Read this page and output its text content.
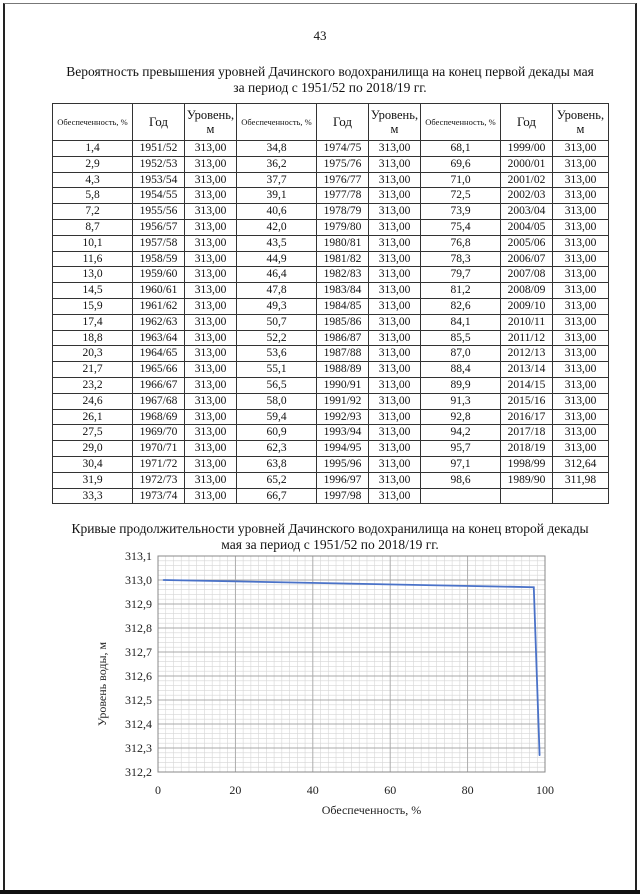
43
Вероятность превышения уровней Дачинского водохранилища на конец первой декады мая
за период с 1951/52 по 2018/19 гг.
Обеспеченность, %	Год	Уровень, м	Обеспеченность, %	Год	Уровень, м	Обеспеченность, %	Год	Уровень, м
1,4	1951/52	313,00	34,8	1974/75	313,00	68,1	1999/00	313,00
2,9	1952/53	313,00	36,2	1975/76	313,00	69,6	2000/01	313,00
4,3	1953/54	313,00	37,7	1976/77	313,00	71,0	2001/02	313,00
5,8	1954/55	313,00	39,1	1977/78	313,00	72,5	2002/03	313,00
7,2	1955/56	313,00	40,6	1978/79	313,00	73,9	2003/04	313,00
8,7	1956/57	313,00	42,0	1979/80	313,00	75,4	2004/05	313,00
10,1	1957/58	313,00	43,5	1980/81	313,00	76,8	2005/06	313,00
11,6	1958/59	313,00	44,9	1981/82	313,00	78,3	2006/07	313,00
13,0	1959/60	313,00	46,4	1982/83	313,00	79,7	2007/08	313,00
14,5	1960/61	313,00	47,8	1983/84	313,00	81,2	2008/09	313,00
15,9	1961/62	313,00	49,3	1984/85	313,00	82,6	2009/10	313,00
17,4	1962/63	313,00	50,7	1985/86	313,00	84,1	2010/11	313,00
18,8	1963/64	313,00	52,2	1986/87	313,00	85,5	2011/12	313,00
20,3	1964/65	313,00	53,6	1987/88	313,00	87,0	2012/13	313,00
21,7	1965/66	313,00	55,1	1988/89	313,00	88,4	2013/14	313,00
23,2	1966/67	313,00	56,5	1990/91	313,00	89,9	2014/15	313,00
24,6	1967/68	313,00	58,0	1991/92	313,00	91,3	2015/16	313,00
26,1	1968/69	313,00	59,4	1992/93	313,00	92,8	2016/17	313,00
27,5	1969/70	313,00	60,9	1993/94	313,00	94,2	2017/18	313,00
29,0	1970/71	313,00	62,3	1994/95	313,00	95,7	2018/19	313,00
30,4	1971/72	313,00	63,8	1995/96	313,00	97,1	1998/99	312,64
31,9	1972/73	313,00	65,2	1996/97	313,00	98,6	1989/90	311,98
33,3	1973/74	313,00	66,7	1997/98	313,00			
Кривые продолжительности уровней Дачинского водохранилища на конец второй декады
мая за период с 1951/52 по 2018/19 гг.
313,1
313,0
312,9
312,8
312,7
312,6
312,5
312,4
312,3
312,2
0	20	40	60	80	100
Обеспеченность, %
Уровень воды, м
